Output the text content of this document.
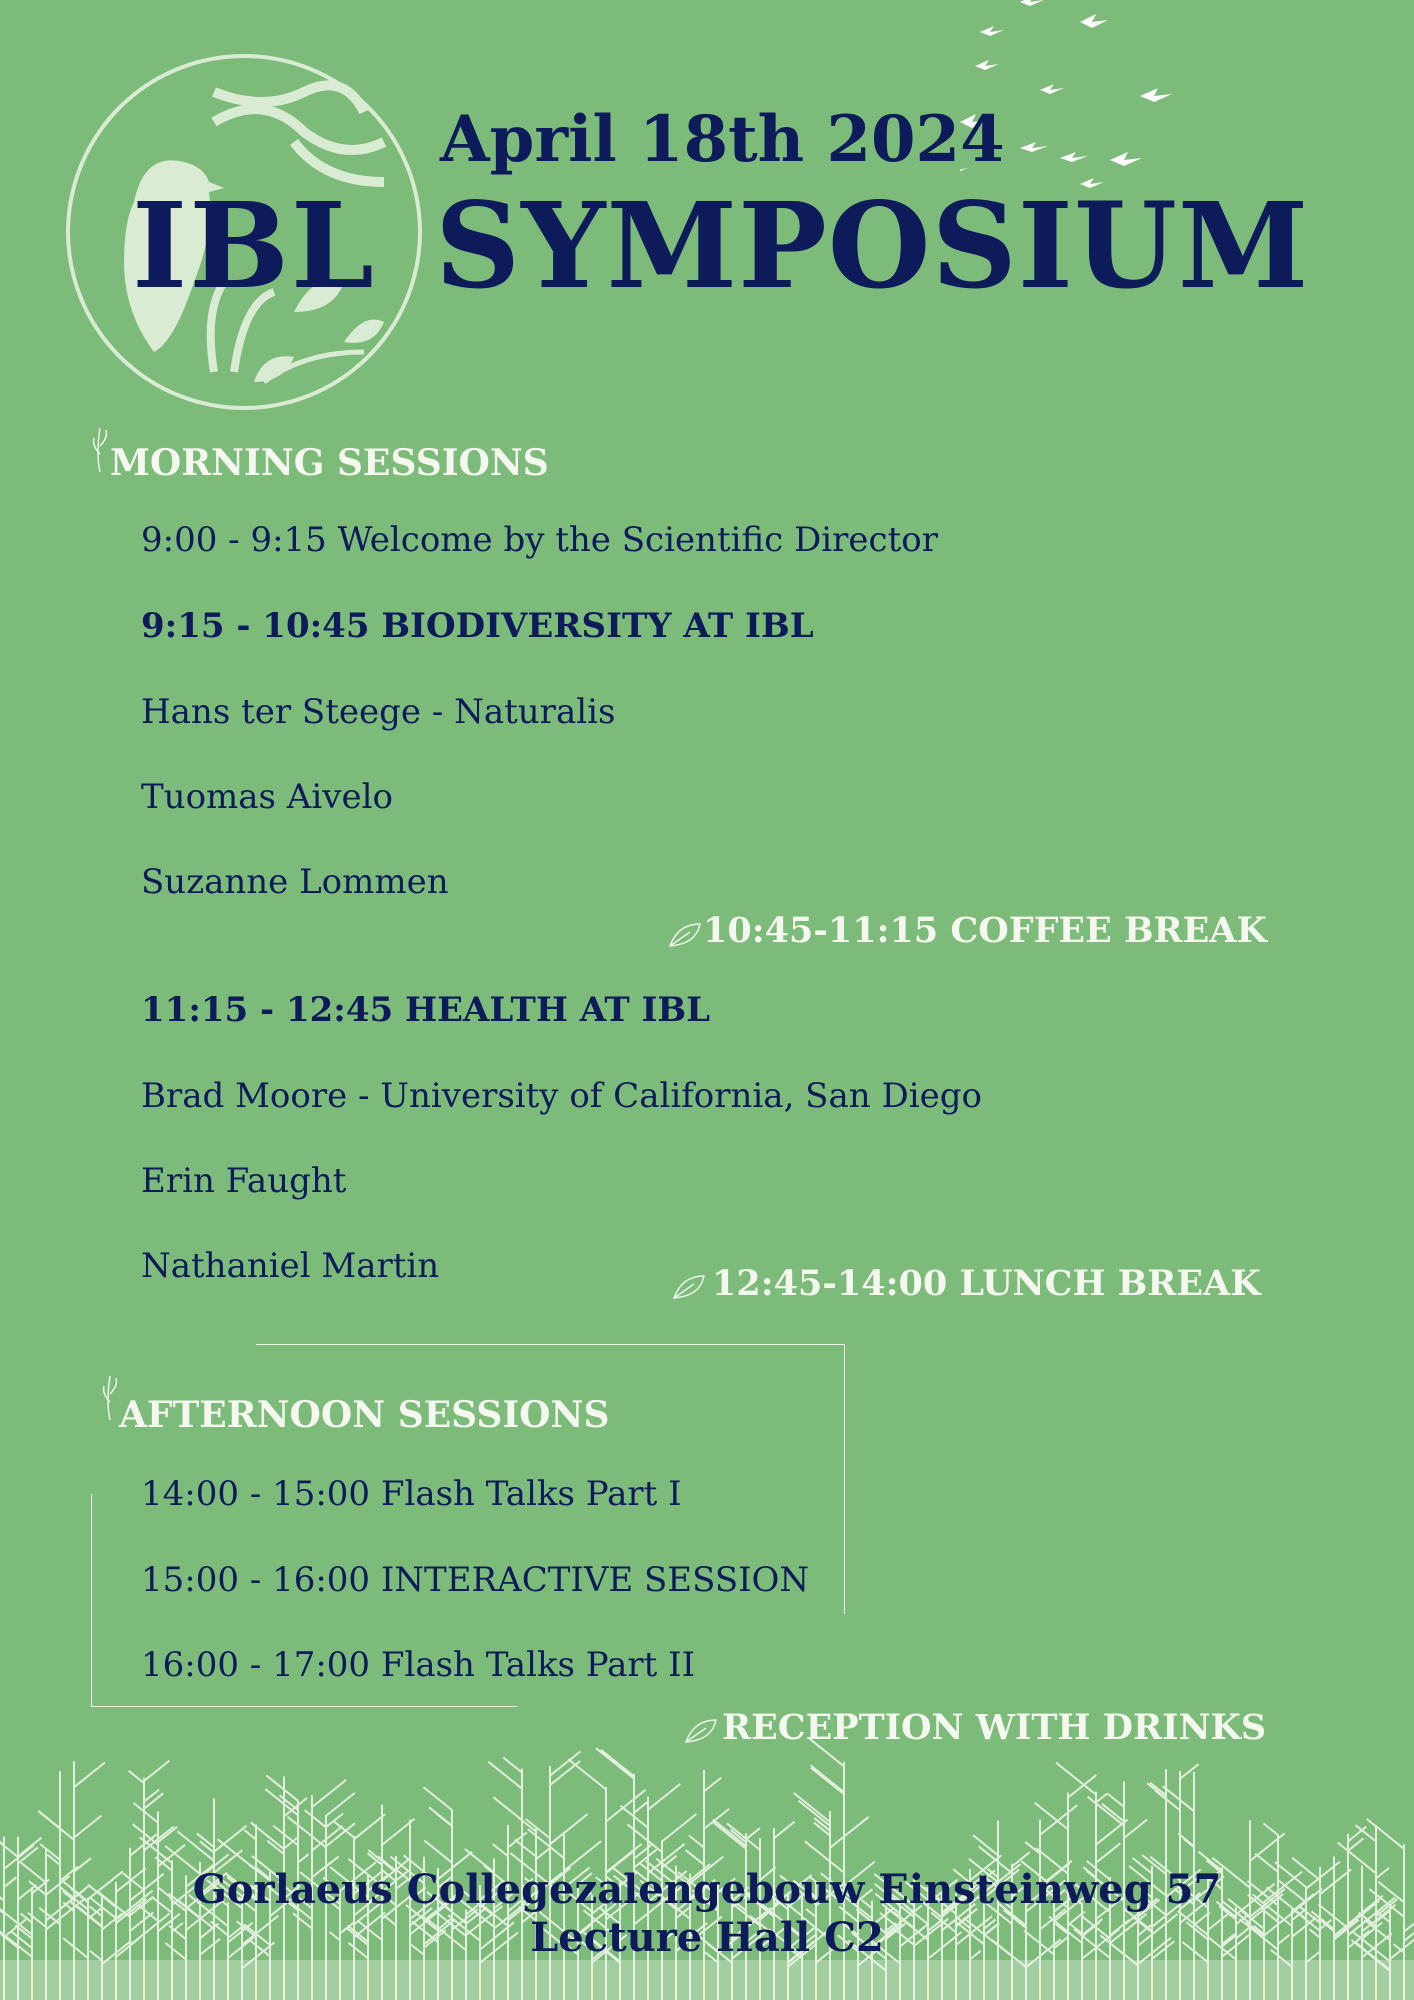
April 18th 2024
IBL SYMPOSIUM
MORNING SESSIONS
9:00 - 9:15 Welcome by the Scientific Director
9:15 - 10:45 BIODIVERSITY AT IBL
Hans ter Steege - Naturalis
Tuomas Aivelo
Suzanne Lommen
10:45-11:15 COFFEE BREAK
11:15 - 12:45 HEALTH AT IBL
Brad Moore - University of California, San Diego
Erin Faught
Nathaniel Martin	12:45-14:00 LUNCH BREAK
AFTERNOON SESSIONS
14:00 - 15:00 Flash Talks Part I
15:00 - 16:00 INTERACTIVE SESSION
16:00 - 17:00 Flash Talks Part II
RECEPTION WITH DRINKS
Gorlaeus Collegezalengebouw Einsteinweg 57
Lecture Hall C2
